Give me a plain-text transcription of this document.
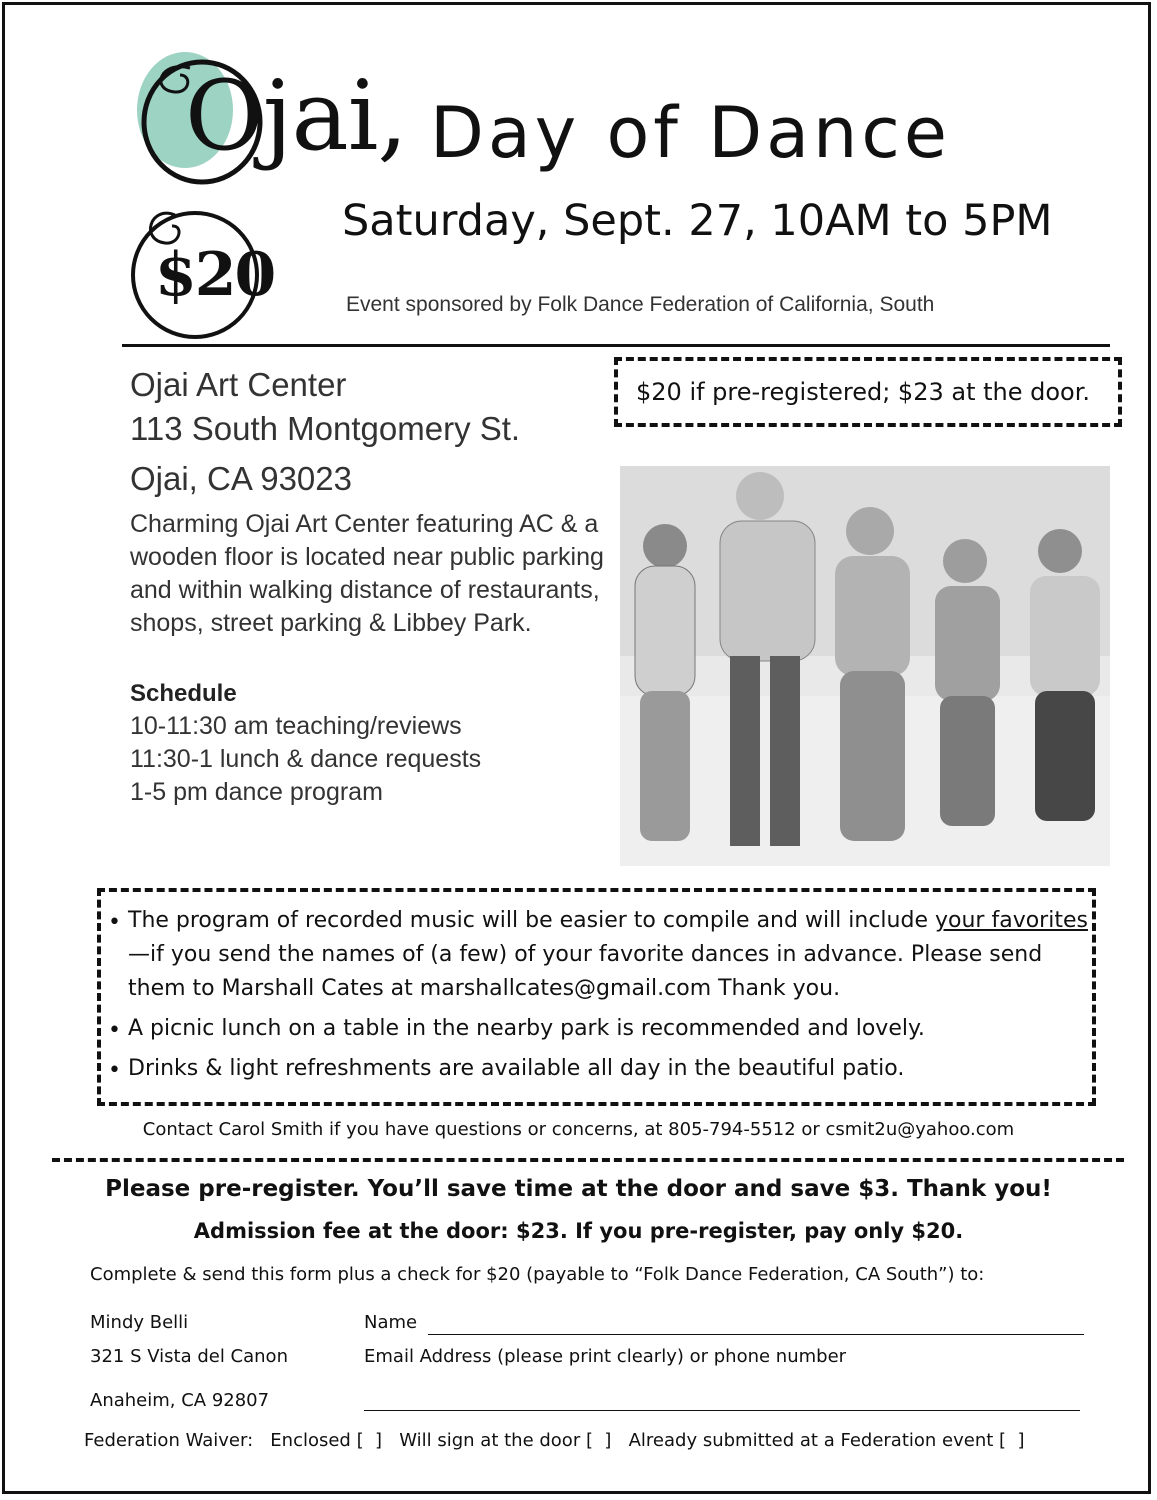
Ojai,
$20
Day of Dance
Saturday, Sept. 27, 10AM to 5PM
Event sponsored by Folk Dance Federation of California, South
Ojai Art Center
113 South Montgomery St.
Ojai, CA 93023
$20 if pre-registered; $23 at the door.
Charming Ojai Art Center featuring AC & a wooden floor is located near public parking and within walking distance of restaurants, shops, street parking & Libbey Park.
Schedule
10-11:30 am teaching/reviews
11:30-1 lunch & dance requests
1-5 pm dance program
• The program of recorded music will be easier to compile and will include your favorites
—if you send the names of (a few) of your favorite dances in advance. Please send them to Marshall Cates at marshallcates@gmail.com Thank you.
• A picnic lunch on a table in the nearby park is recommended and lovely.
• Drinks & light refreshments are available all day in the beautiful patio.
Contact Carol Smith if you have questions or concerns, at 805-794-5512 or csmit2u@yahoo.com
Please pre-register. You’ll save time at the door and save $3. Thank you!
Admission fee at the door: $23. If you pre-register, pay only $20.
Complete & send this form plus a check for $20 (payable to “Folk Dance Federation, CA South”) to:
Mindy Belli
321 S Vista del Canon
Anaheim, CA 92807
Name
Email Address (please print clearly) or phone number
Federation Waiver:   Enclosed [  ]   Will sign at the door [  ]   Already submitted at a Federation event [  ]
